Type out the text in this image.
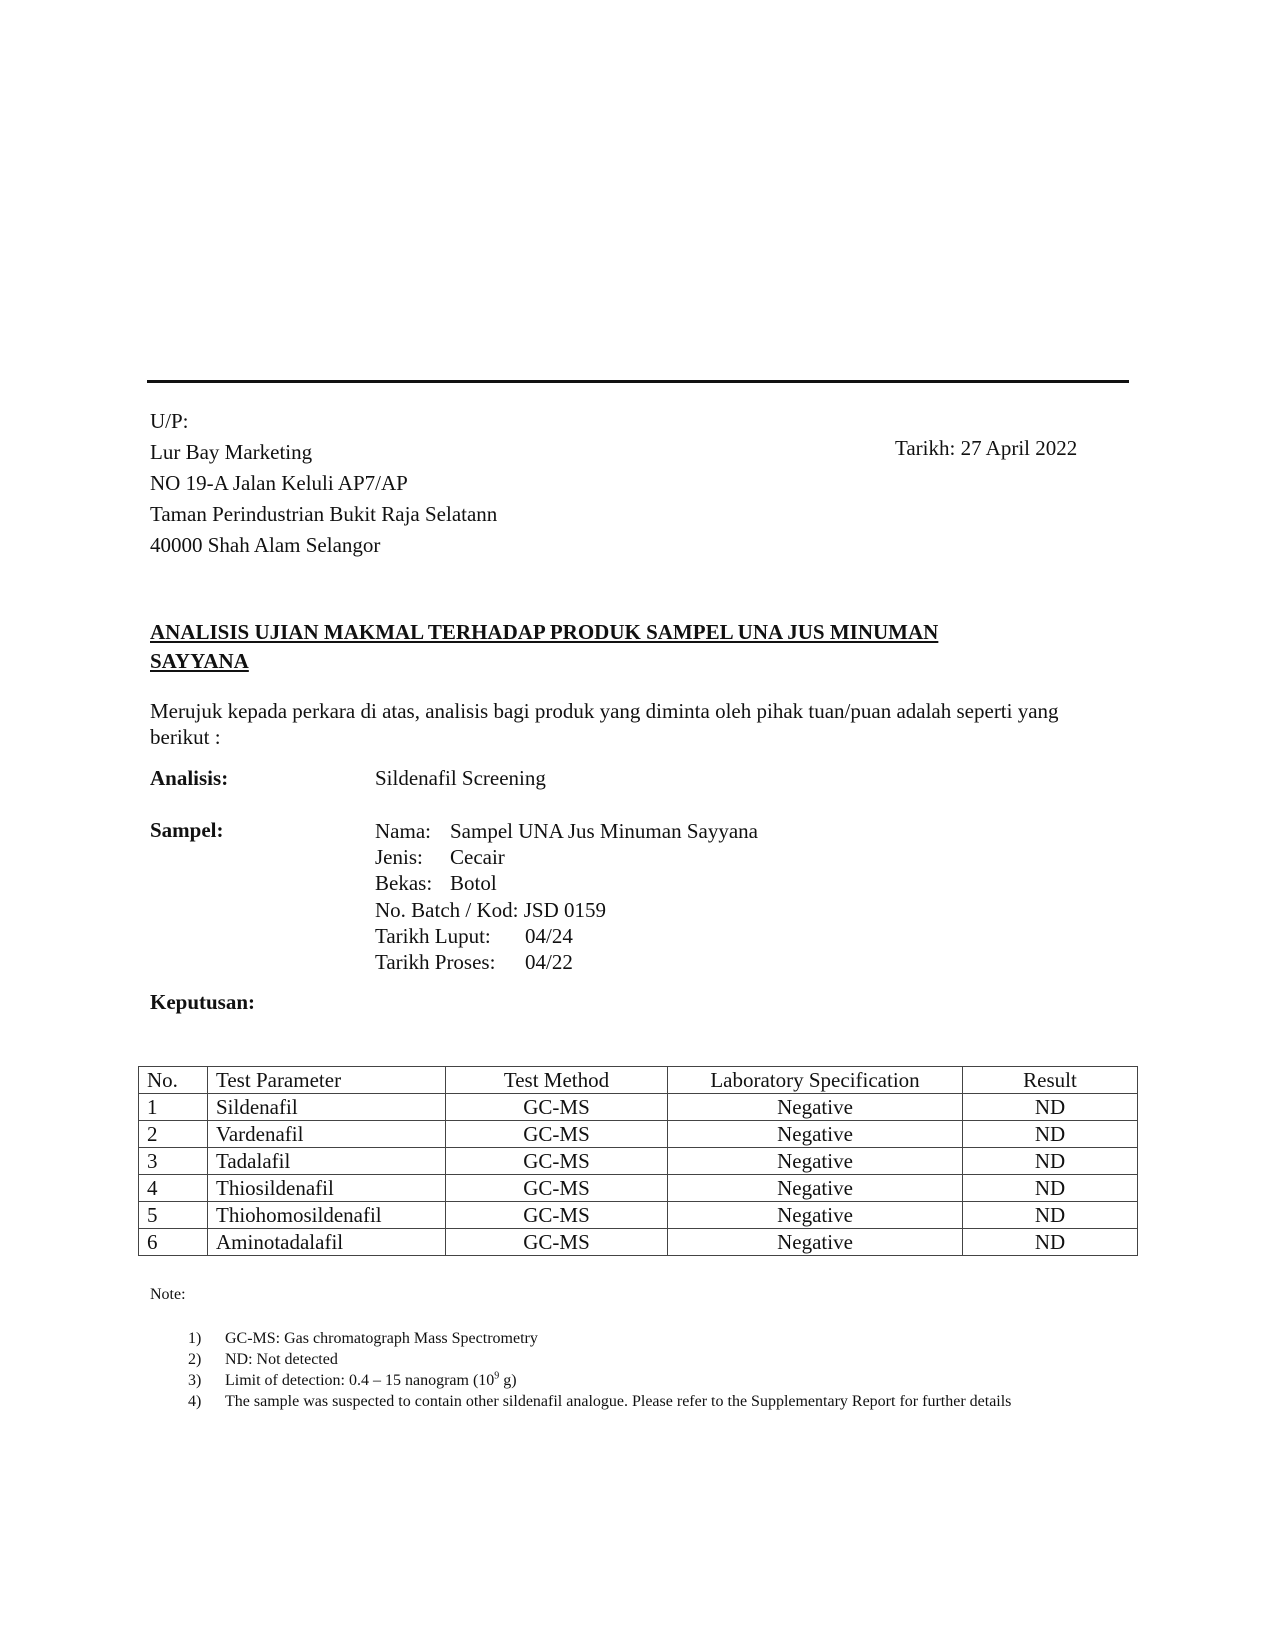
U/P:
Lur Bay Marketing
NO 19-A Jalan Keluli AP7/AP
Taman Perindustrian Bukit Raja Selatann
40000 Shah Alam Selangor
Tarikh: 27 April 2022
ANALISIS UJIAN MAKMAL TERHADAP PRODUK SAMPEL UNA JUS MINUMAN
SAYYANA
Merujuk kepada perkara di atas, analisis bagi produk yang diminta oleh pihak tuan/puan adalah seperti yang berikut :
Analisis:	Sildenafil Screening
Sampel:	Nama: Sampel UNA Jus Minuman Sayyana
Jenis: Cecair
Bekas: Botol
No. Batch / Kod: JSD 0159
Tarikh Luput: 04/24
Tarikh Proses: 04/22
Keputusan:
No.	Test Parameter	Test Method	Laboratory Specification	Result
1	Sildenafil	GC-MS	Negative	ND
2	Vardenafil	GC-MS	Negative	ND
3	Tadalafil	GC-MS	Negative	ND
4	Thiosildenafil	GC-MS	Negative	ND
5	Thiohomosildenafil	GC-MS	Negative	ND
6	Aminotadalafil	GC-MS	Negative	ND
Note:
1)	GC-MS: Gas chromatograph Mass Spectrometry
2)	ND: Not detected
3)	Limit of detection: 0.4 – 15 nanogram ($10^9$ g)
4)	The sample was suspected to contain other sildenafil analogue. Please refer to the Supplementary Report for further details
